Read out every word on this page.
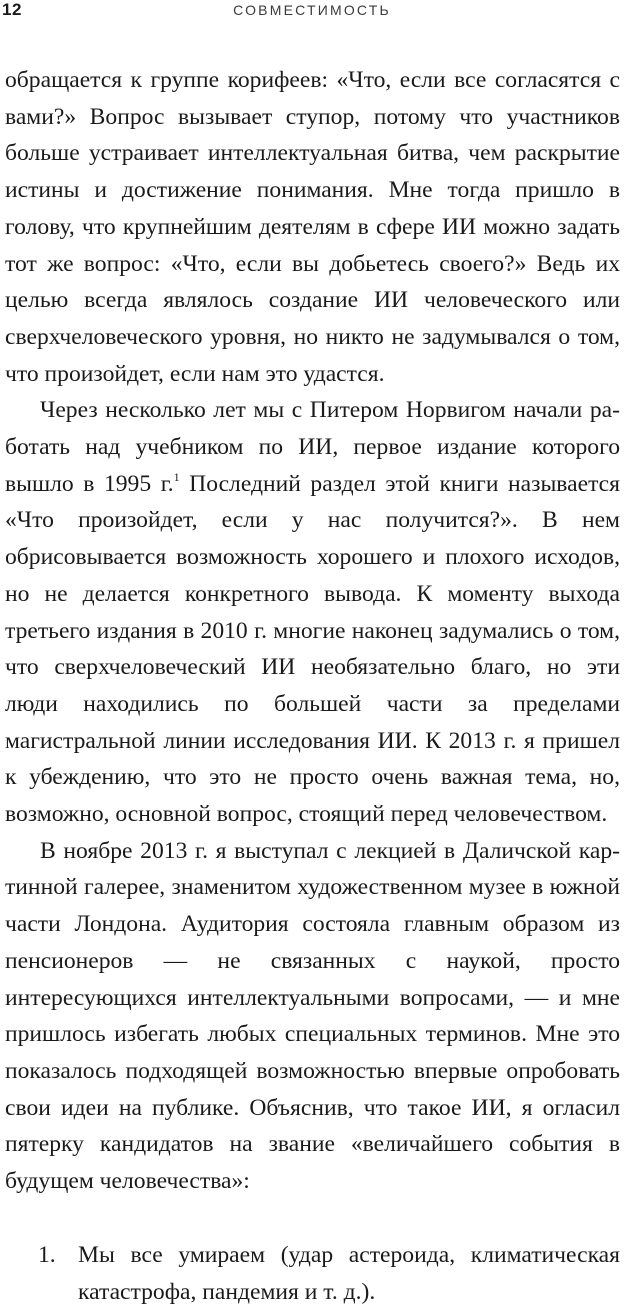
12	СОВМЕСТИМОСТЬ

обращается к группе корифеев: «Что, если все согласятся с вами?» Вопрос вызывает ступор, потому что участников больше устраивает интеллектуальная битва, чем раскрытие истины и достижение понимания. Мне тогда пришло в голову, что крупнейшим деятелям в сфере ИИ можно задать тот же вопрос: «Что, если вы добьетесь своего?» Ведь их целью всегда являлось создание ИИ человеческого или сверхчеловеческого уровня, но никто не задумывался о том, что произойдет, если нам это удастся.

Через несколько лет мы с Питером Норвигом начали работать над учебником по ИИ, первое издание которого вышло в 1995 г.$^1$ Последний раздел этой книги называется «Что произойдет, если у нас получится?». В нем обрисовывается возможность хорошего и плохого исходов, но не делается конкретного вывода. К моменту выхода третьего издания в 2010 г. многие наконец задумались о том, что сверхчеловеческий ИИ необязательно благо, но эти люди находились по большей части за пределами магистральной линии исследования ИИ. К 2013 г. я пришел к убеждению, что это не просто очень важная тема, но, возможно, основной вопрос, стоящий перед человечеством.

В ноябре 2013 г. я выступал с лекцией в Даличской картинной галерее, знаменитом художественном музее в южной части Лондона. Аудитория состояла главным образом из пенсионеров — не связанных с наукой, просто интересующихся интеллектуальными вопросами, — и мне пришлось избегать любых специальных терминов. Мне это показалось подходящей возможностью впервые опробовать свои идеи на публике. Объяснив, что такое ИИ, я огласил пятерку кандидатов на звание «величайшего события в будущем человечества»:

1. Мы все умираем (удар астероида, климатическая катастрофа, пандемия и т. д.).
